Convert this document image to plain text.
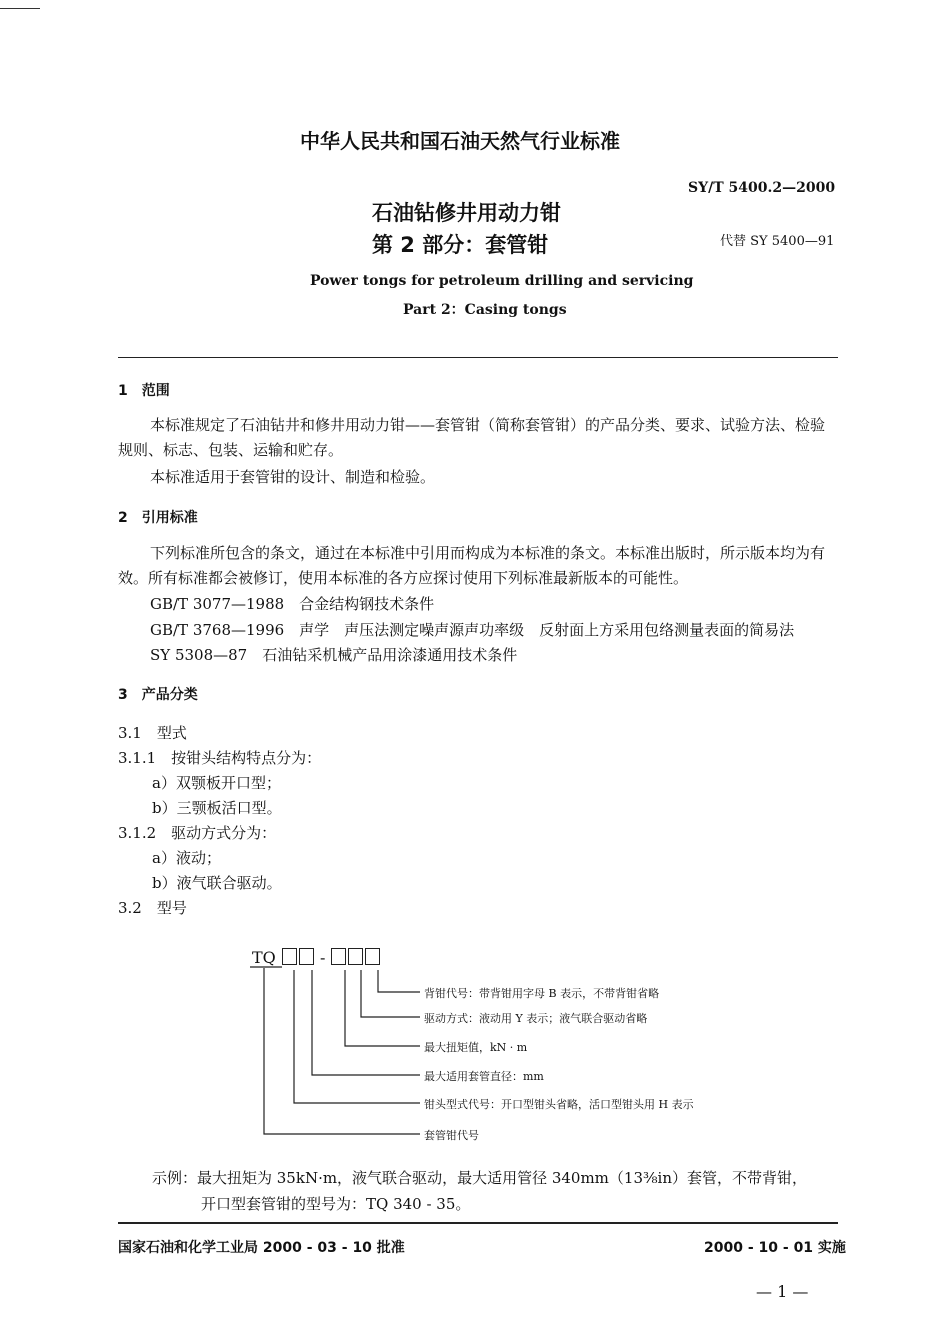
中华人民共和国石油天然气行业标准
SY/T 5400.2—2000
石油钻修井用动力钳
第 2 部分：套管钳	代替 SY 5400—91
Power tongs for petroleum drilling and servicing
Part 2：Casing tongs
1　范围
本标准规定了石油钻井和修井用动力钳——套管钳（简称套管钳）的产品分类、要求、试验方法、检验规则、标志、包装、运输和贮存。
本标准适用于套管钳的设计、制造和检验。
2　引用标准
下列标准所包含的条文，通过在本标准中引用而构成为本标准的条文。本标准出版时，所示版本均为有效。所有标准都会被修订，使用本标准的各方应探讨使用下列标准最新版本的可能性。
GB/T 3077—1988　合金结构钢技术条件
GB/T 3768—1996　声学　声压法测定噪声源声功率级　反射面上方采用包络测量表面的简易法
SY 5308—87　石油钻采机械产品用涂漆通用技术条件
3　产品分类
3.1　型式
3.1.1　按钳头结构特点分为：
a）双颚板开口型；
b）三颚板活口型。
3.1.2　驱动方式分为：
a）液动；
b）液气联合驱动。
3.2　型号
TQ	-
背钳代号：带背钳用字母 B 表示，不带背钳省略
驱动方式：液动用 Y 表示；液气联合驱动省略
最大扭矩值，kN · m
最大适用套管直径：mm
钳头型式代号：开口型钳头省略，活口型钳头用 H 表示
套管钳代号
示例：最大扭矩为 35kN·m，液气联合驱动，最大适用管径 340mm（13⅜in）套管，不带背钳，
开口型套管钳的型号为：TQ 340 - 35。
国家石油和化学工业局 2000 - 03 - 10 批准	2000 - 10 - 01 实施
— 1 —
